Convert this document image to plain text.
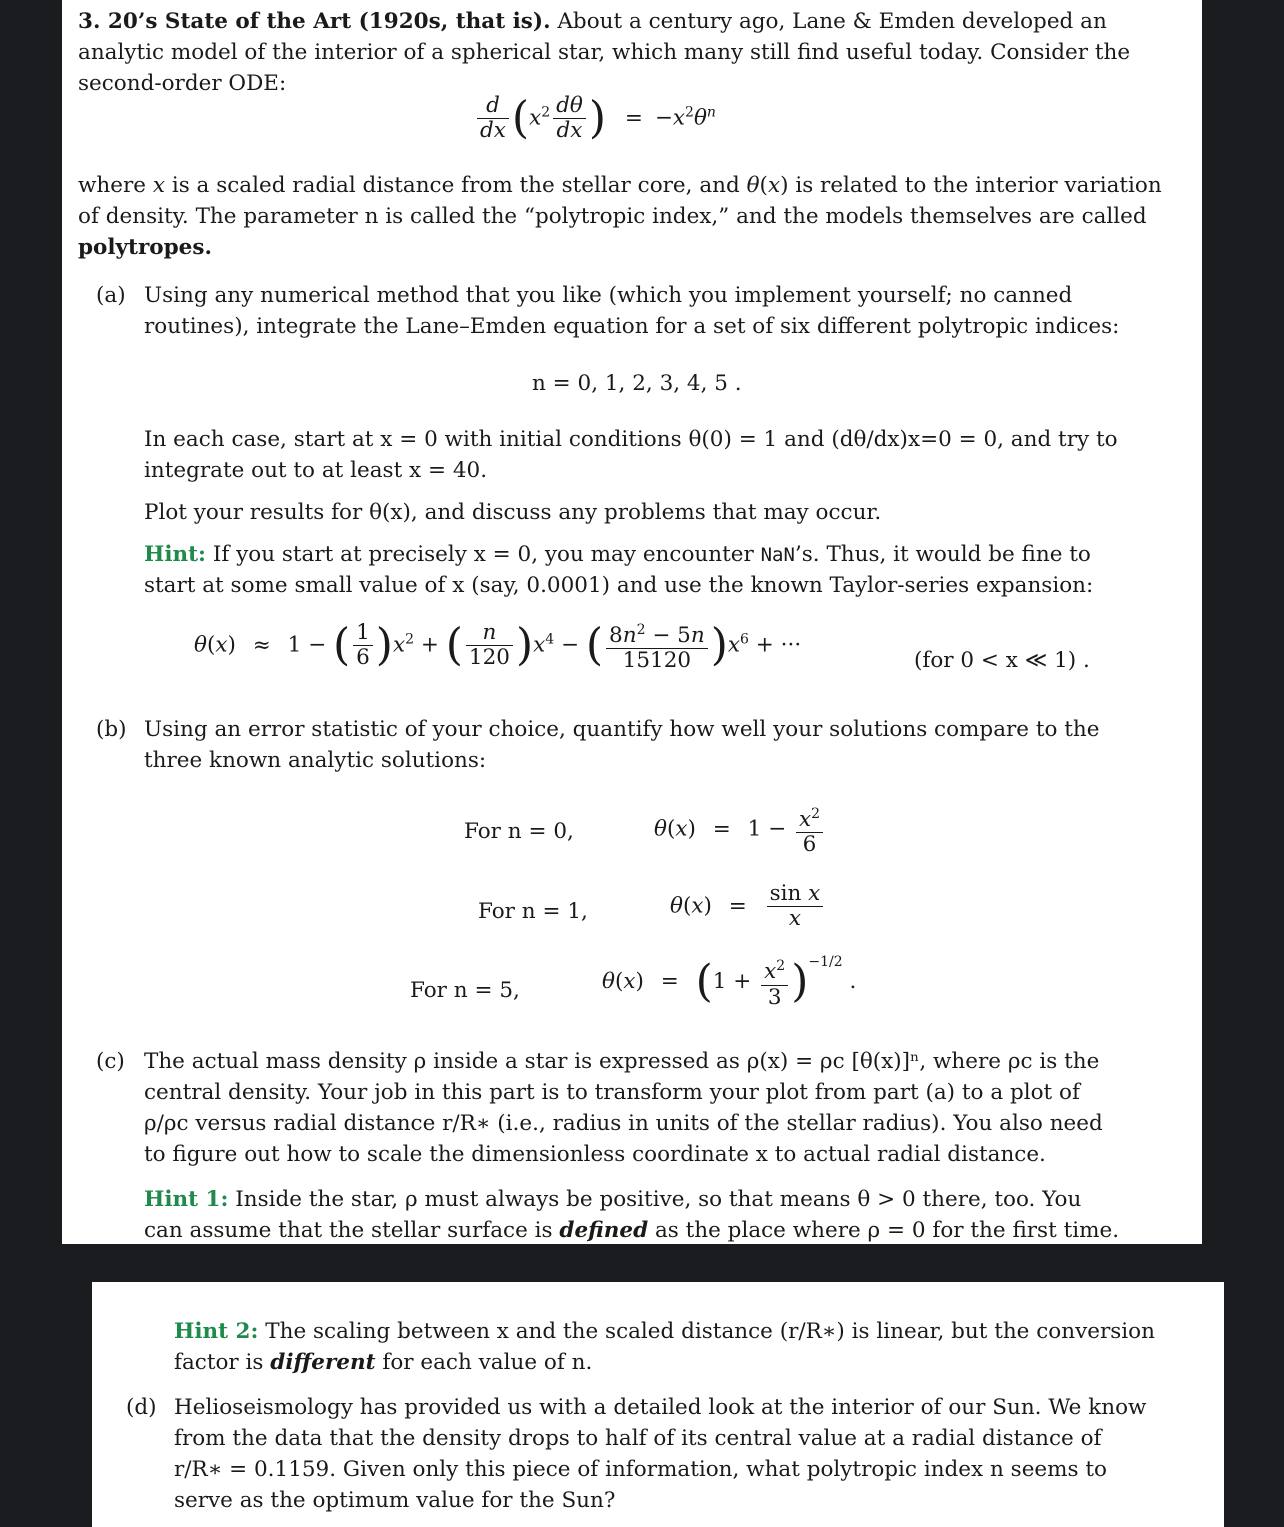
3. 20’s State of the Art (1920s, that is). About a century ago, Lane & Emden developed an

analytic model of the interior of a spherical star, which many still find useful today. Consider the

second-order ODE:

$\frac{d}{dx} (x^2 \frac{d\theta}{dx}$ ) = $-x^2\theta^n$

where x is a scaled radial distance from the stellar core, and θ(x) is related to the interior variation

of density. The parameter n is called the “polytropic index,” and the models themselves are called

polytropes.

(a) Using any numerical method that you like (which you implement yourself; no canned

routines), integrate the Lane–Emden equation for a set of six different polytropic indices:

n = 0, 1, 2, 3, 4, 5 .

In each case, start at x = 0 with initial conditions θ(0) = 1 and (dθ/dx)x=0 = 0, and try to

integrate out to at least x = 40.

Plot your results for θ(x), and discuss any problems that may occur.

Hint: If you start at precisely x = 0, you may encounter NaN’s. Thus, it would be fine to

start at some small value of x (say, 0.0001) and use the known Taylor-series expansion:

θ(x) ≈ 1 − ( $\frac{1}{6} )x^2$ + ( $\frac{n}{120} )x^4$ − ( $\frac{8n^2 - 5n}{15120} )x^6$ + ···

(for 0 < x ≪ 1) .

(b) Using an error statistic of your choice, quantify how well your solutions compare to the

three known analytic solutions:

For n = 0,	$\theta(x) = 1 - \frac{x^2}{6}$

For n = 1,	$\theta(x) = \frac{\text{sin x}}{x}$

For n = 5,	$\theta(x) = (1 + \frac{x^2}{3} )^{-1/2}$ .
(c) The actual mass density ρ inside a star is expressed as ρ(x) = ρc [θ(x)]ⁿ, where ρc is the

central density. Your job in this part is to transform your plot from part (a) to a plot of

ρ/ρc versus radial distance r/R∗ (i.e., radius in units of the stellar radius). You also need

to figure out how to scale the dimensionless coordinate x to actual radial distance.

Hint 1: Inside the star, ρ must always be positive, so that means θ > 0 there, too. You

can assume that the stellar surface is defined as the place where ρ = 0 for the first time.

Hint 2: The scaling between x and the scaled distance (r/R∗) is linear, but the conversion

factor is different for each value of n.

(d) Helioseismology has provided us with a detailed look at the interior of our Sun. We know

from the data that the density drops to half of its central value at a radial distance of

r/R∗ = 0.1159. Given only this piece of information, what polytropic index n seems to

serve as the optimum value for the Sun?
